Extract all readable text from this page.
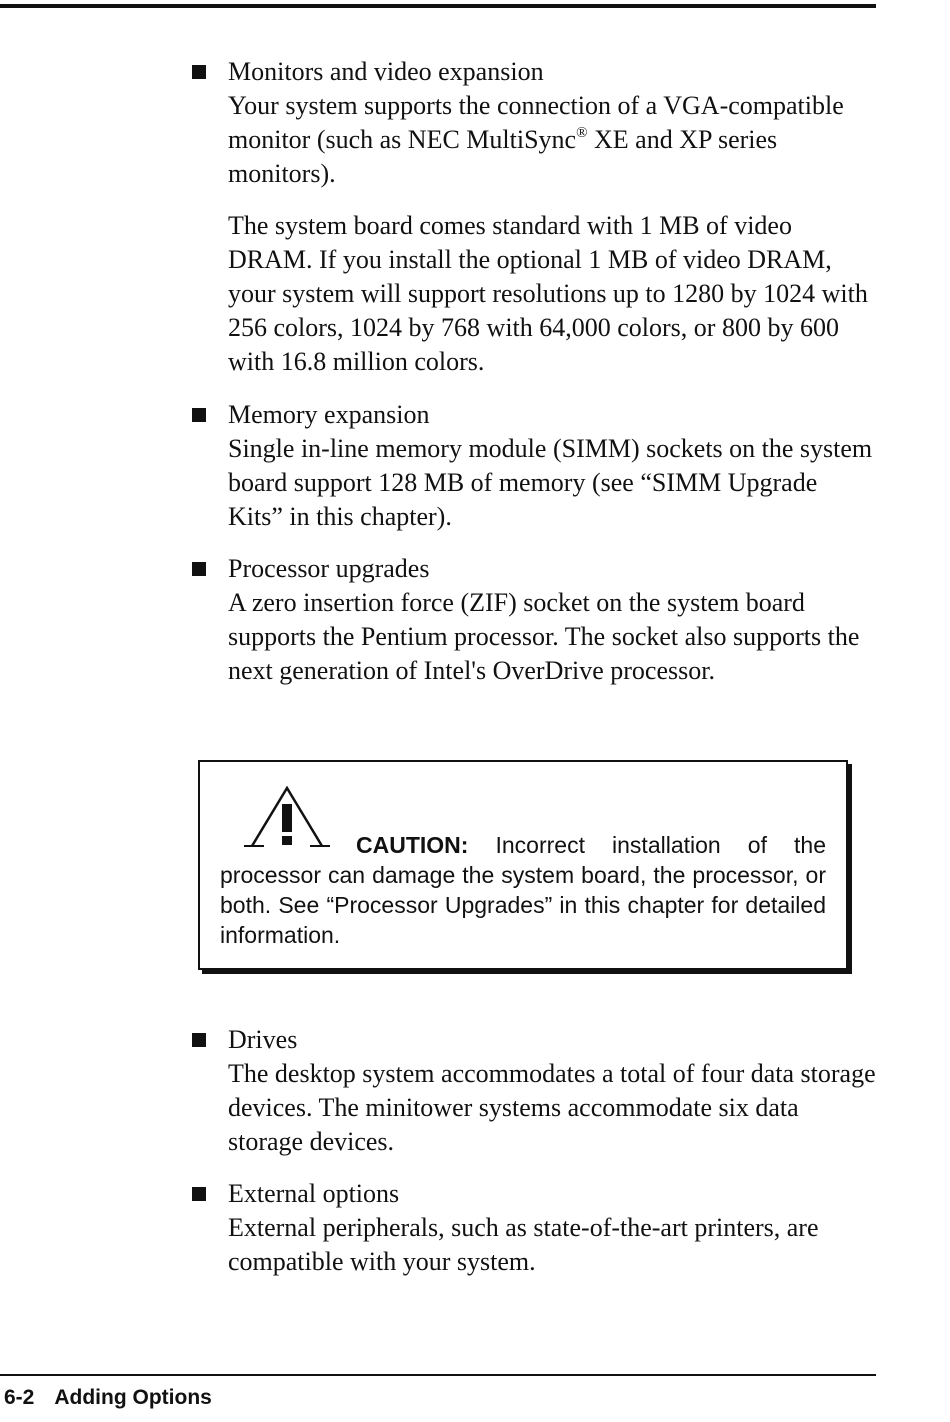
Monitors and video expansion

Your system supports the connection of a VGA-compatible monitor (such as NEC MultiSync® XE and XP series monitors).

The system board comes standard with 1 MB of video DRAM. If you install the optional 1 MB of video DRAM, your system will support resolutions up to 1280 by 1024 with 256 colors, 1024 by 768 with 64,000 colors, or 800 by 600 with 16.8 million colors.

Memory expansion

Single in-line memory module (SIMM) sockets on the system board support 128 MB of memory (see “SIMM Upgrade Kits” in this chapter).

Processor upgrades

A zero insertion force (ZIF) socket on the system board supports the Pentium processor. The socket also supports the next generation of Intel's OverDrive processor.

CAUTION: Incorrect installation of the processor can damage the system board, the processor, or both. See “Processor Upgrades” in this chapter for detailed information.

Drives

The desktop system accommodates a total of four data storage devices. The minitower systems accommodate six data storage devices.

External options

External peripherals, such as state-of-the-art printers, are compatible with your system.

6-2 Adding Options
